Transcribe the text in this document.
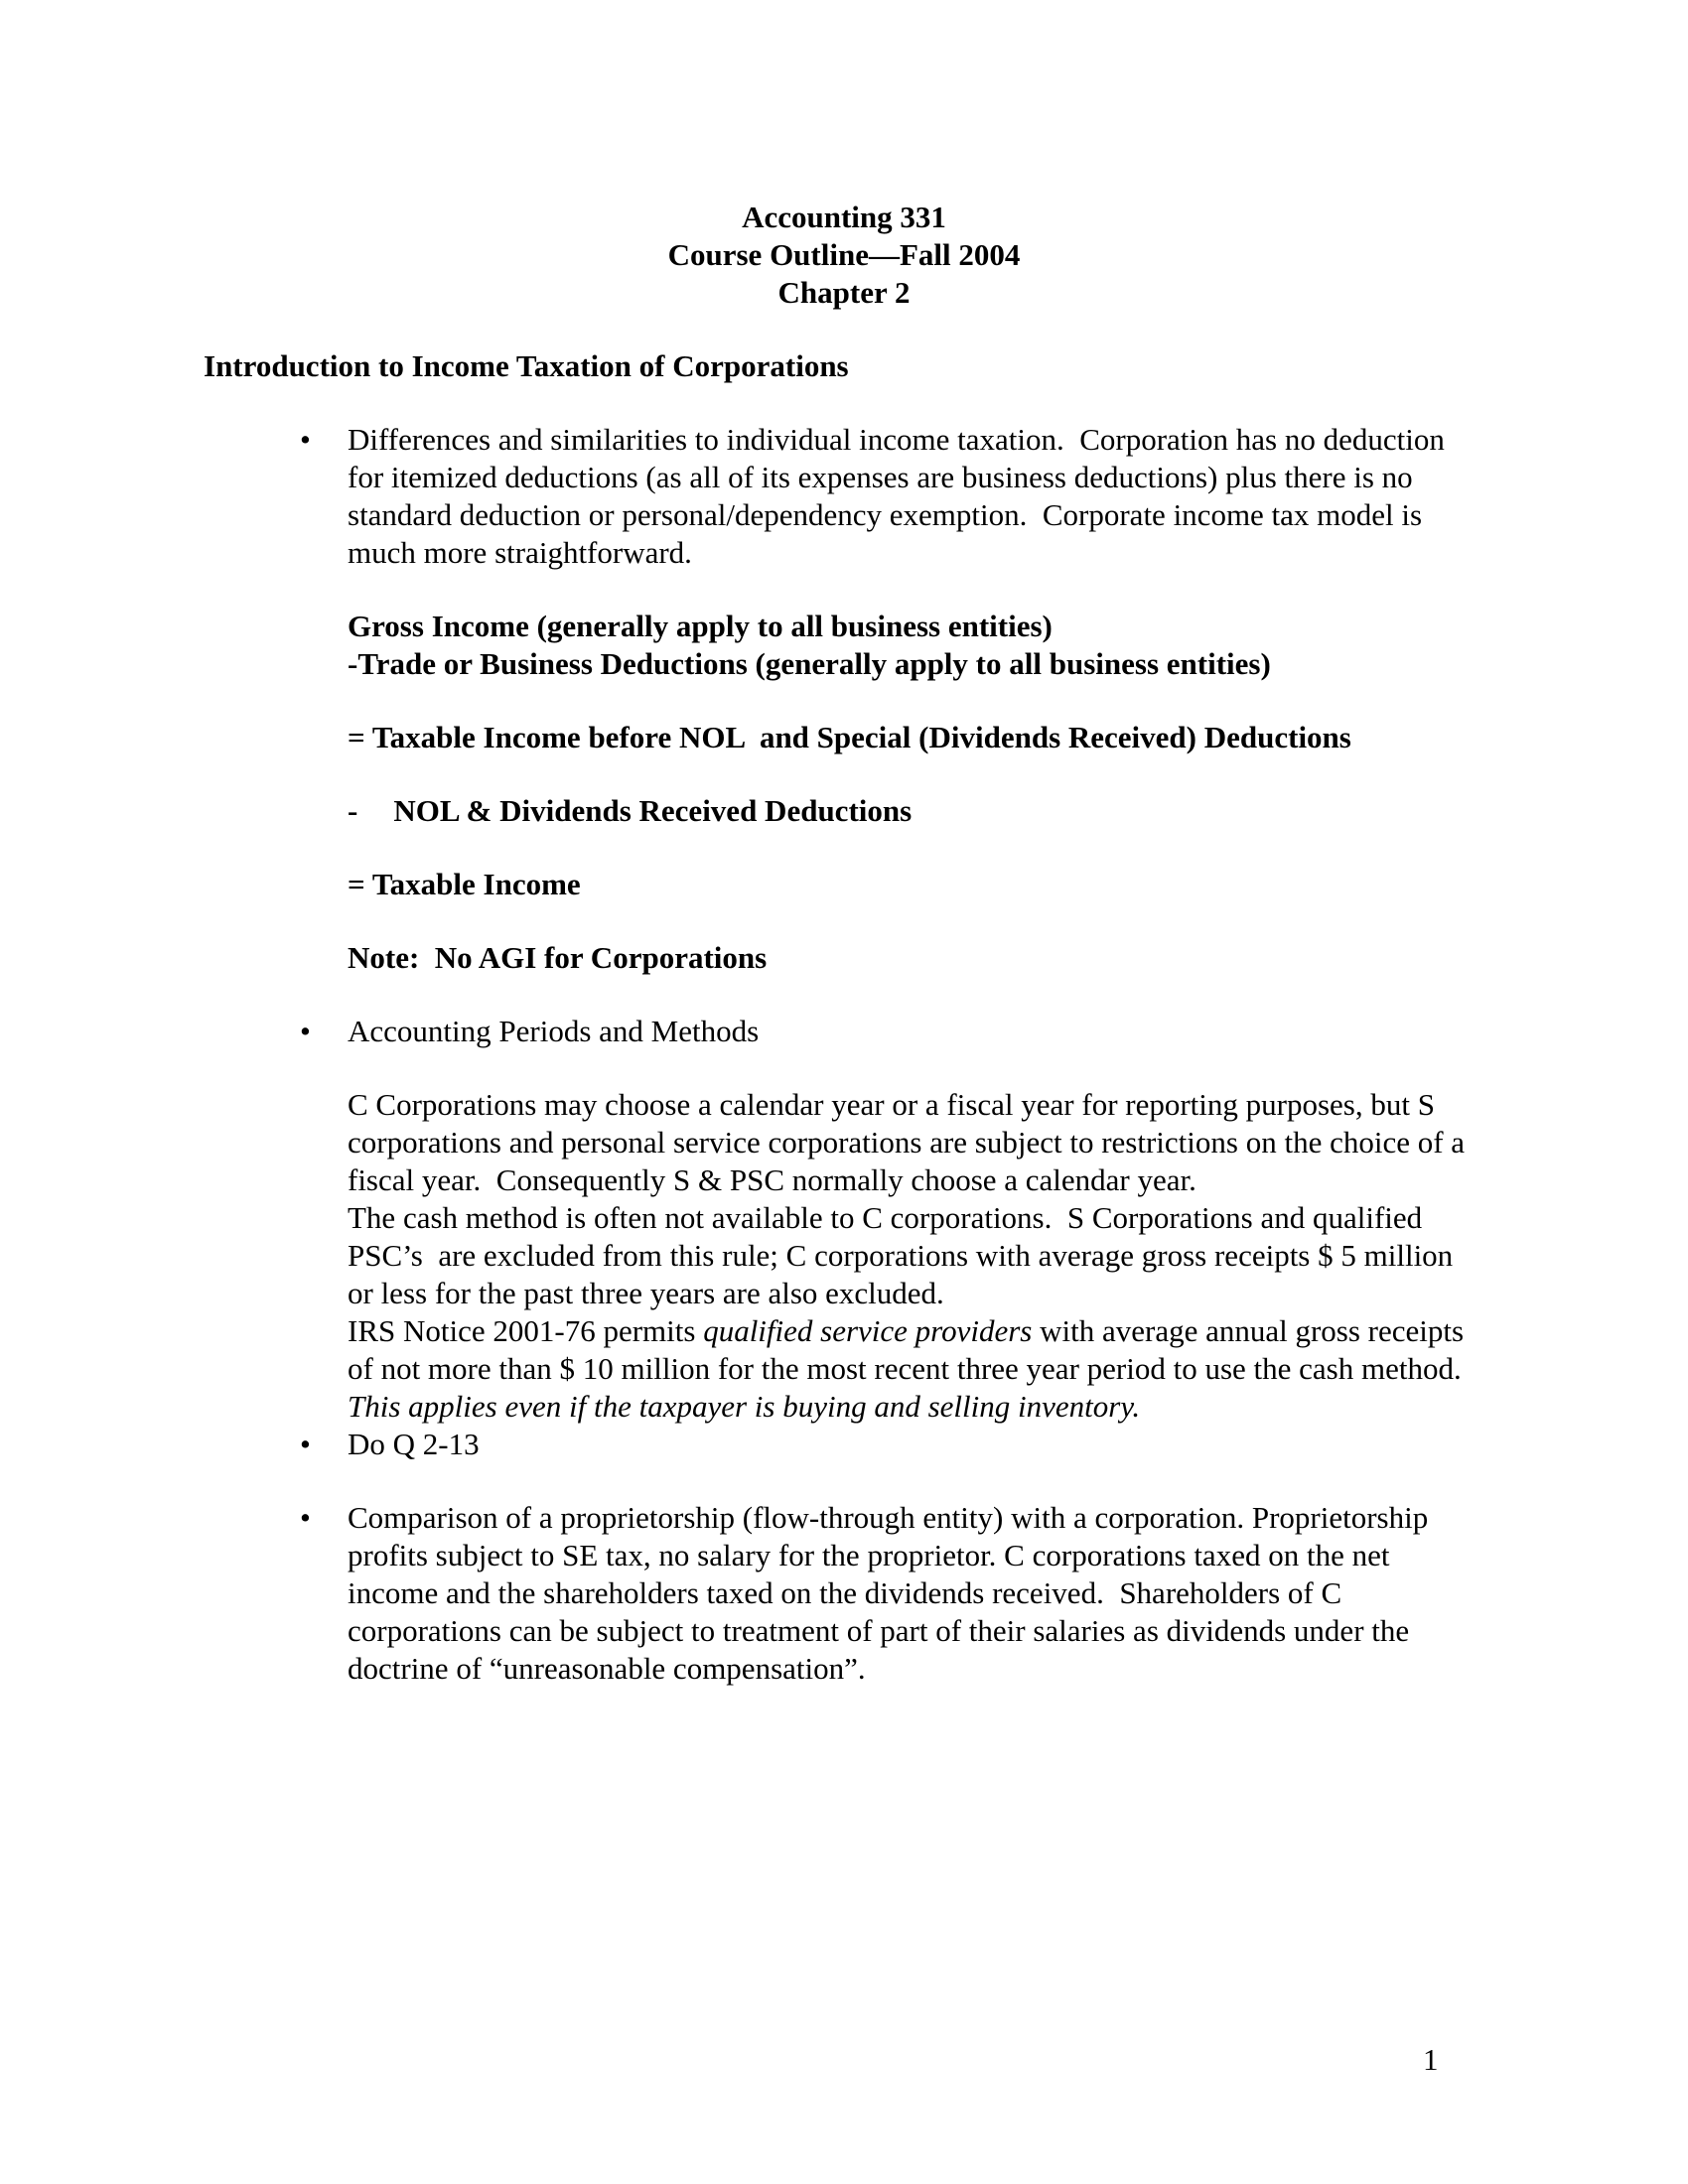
Accounting 331
Course Outline—Fall 2004
Chapter 2
Introduction to Income Taxation of Corporations
• Differences and similarities to individual income taxation.  Corporation has no deduction for itemized deductions (as all of its expenses are business deductions) plus there is no standard deduction or personal/dependency exemption.  Corporate income tax model is much more straightforward.

Gross Income (generally apply to all business entities)

-Trade or Business Deductions (generally apply to all business entities)

= Taxable Income before NOL  and Special (Dividends Received) Deductions

- NOL & Dividends Received Deductions

= Taxable Income

Note:  No AGI for Corporations

• Accounting Periods and Methods

C Corporations may choose a calendar year or a fiscal year for reporting purposes, but S corporations and personal service corporations are subject to restrictions on the choice of a fiscal year.  Consequently S & PSC normally choose a calendar year.

The cash method is often not available to C corporations.  S Corporations and qualified PSC’s  are excluded from this rule; C corporations with average gross receipts $ 5 million or less for the past three years are also excluded.

IRS Notice 2001-76 permits qualified service providers with average annual gross receipts of not more than $ 10 million for the most recent three year period to use the cash method.  This applies even if the taxpayer is buying and selling inventory.

• Do Q 2-13

• Comparison of a proprietorship (flow-through entity) with a corporation. Proprietorship profits subject to SE tax, no salary for the proprietor. C corporations taxed on the net income and the shareholders taxed on the dividends received.  Shareholders of C corporations can be subject to treatment of part of their salaries as dividends under the doctrine of “unreasonable compensation”.

1
